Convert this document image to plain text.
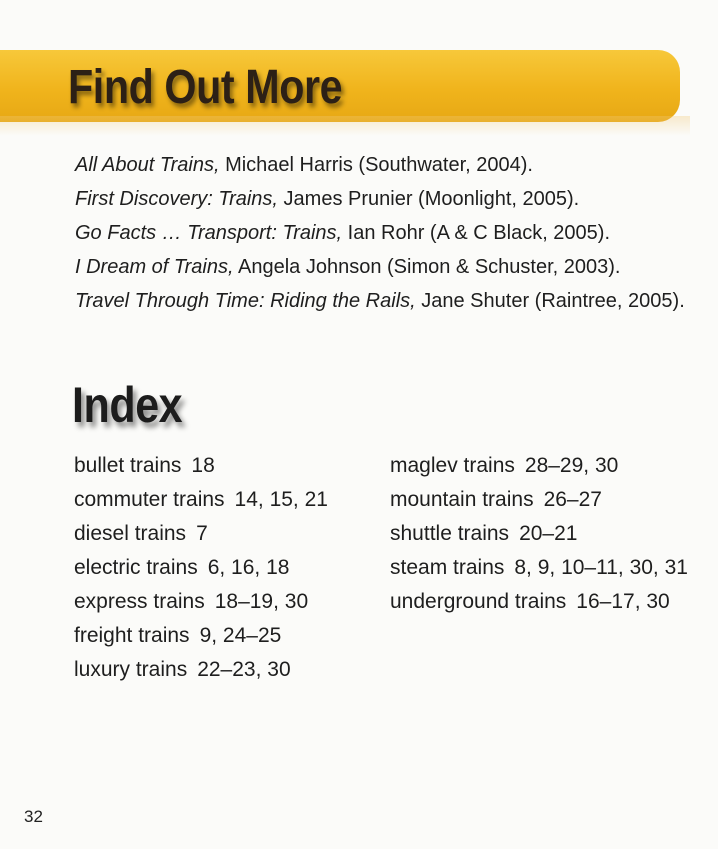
Find Out More
All About Trains, Michael Harris (Southwater, 2004).
First Discovery: Trains, James Prunier (Moonlight, 2005).
Go Facts … Transport: Trains, Ian Rohr (A & C Black, 2005).
I Dream of Trains, Angela Johnson (Simon & Schuster, 2003).
Travel Through Time: Riding the Rails, Jane Shuter (Raintree, 2005).
Index
bullet trains 18
commuter trains 14, 15, 21
diesel trains 7
electric trains 6, 16, 18
express trains 18–19, 30
freight trains 9, 24–25
luxury trains 22–23, 30
maglev trains 28–29, 30
mountain trains 26–27
shuttle trains 20–21
steam trains 8, 9, 10–11, 30, 31
underground trains 16–17, 30
32
